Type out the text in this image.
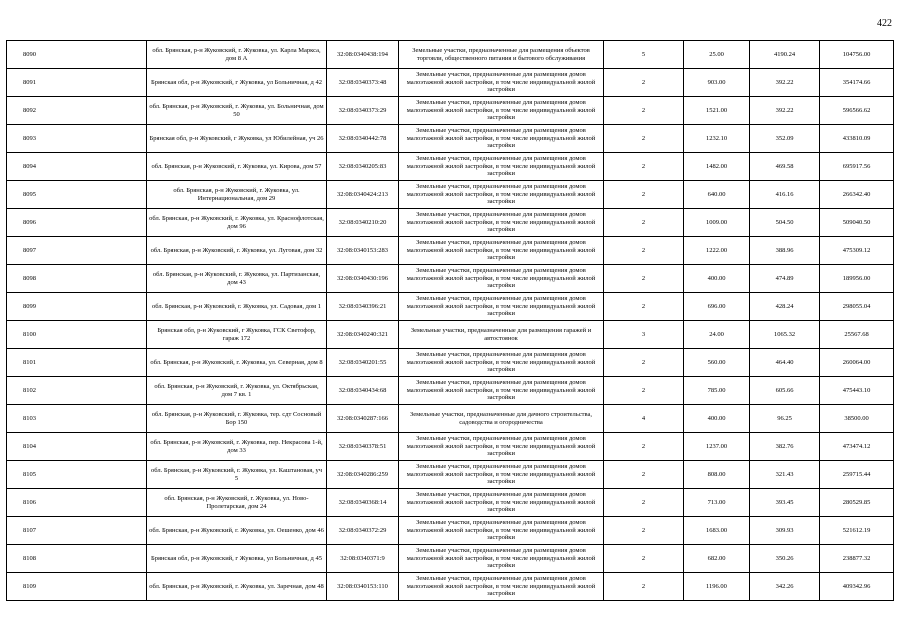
422
8090	обл. Брянская, р-н Жуковский, г. Жуковка, ул. Карла Маркса, дом 8 А	32:08:0340438:194	Земельные участки, предназначенные для размещения объектов торговли, общественного питания и бытового обслуживания	5	25.00	4190.24	104756.00
8091	Брянская обл, р-н Жуковский, г Жуковка, ул Больничная, д 42	32:08:0340373:48	Земельные участки, предназначенные для размещения домов малоэтажной жилой застройки, в том числе индивидуальной жилой застройки	2	903.00	392.22	354174.66
8092	обл. Брянская, р-н Жуковский, г. Жуковка, ул. Больничная, дом 50	32:08:0340373:29	Земельные участки, предназначенные для размещения домов малоэтажной жилой застройки, в том числе индивидуальной жилой застройки	2	1521.00	392.22	596566.62
8093	Брянская обл, р-н Жуковский, г Жуковка, ул Юбилейная, уч 26	32:08:0340442:78	Земельные участки, предназначенные для размещения домов малоэтажной жилой застройки, в том числе индивидуальной жилой застройки	2	1232.10	352.09	433810.09
8094	обл. Брянская, р-н Жуковский, г. Жуковка, ул. Кирова, дом 57	32:08:0340205:83	Земельные участки, предназначенные для размещения домов малоэтажной жилой застройки, в том числе индивидуальной жилой застройки	2	1482.00	469.58	695917.56
8095	обл. Брянская, р-н Жуковский, г. Жуковка, ул. Интернациональная, дом 29	32:08:0340424:213	Земельные участки, предназначенные для размещения домов малоэтажной жилой застройки, в том числе индивидуальной жилой застройки	2	640.00	416.16	266342.40
8096	обл. Брянская, р-н Жуковский, г. Жуковка, ул. Краснофлотская, дом 96	32:08:0340210:20	Земельные участки, предназначенные для размещения домов малоэтажной жилой застройки, в том числе индивидуальной жилой застройки	2	1009.00	504.50	509040.50
8097	обл. Брянская, р-н Жуковский, г. Жуковка, ул. Луговая, дом 32	32:08:0340153:283	Земельные участки, предназначенные для размещения домов малоэтажной жилой застройки, в том числе индивидуальной жилой застройки	2	1222.00	388.96	475309.12
8098	обл. Брянская, р-н Жуковский, г. Жуковка, ул. Партизанская, дом 43	32:08:0340430:196	Земельные участки, предназначенные для размещения домов малоэтажной жилой застройки, в том числе индивидуальной жилой застройки	2	400.00	474.89	189956.00
8099	обл. Брянская, р-н Жуковский, г. Жуковка, ул. Садовая, дом 1	32:08:0340396:21	Земельные участки, предназначенные для размещения домов малоэтажной жилой застройки, в том числе индивидуальной жилой застройки	2	696.00	428.24	298055.04
8100	Брянская обл, р-н Жуковский, г Жуковка, ГСК Светофор, гараж 172	32:08:0340240:321	Земельные участки, предназначенные для размещения гаражей и автостоянок	3	24.00	1065.32	25567.68
8101	обл. Брянская, р-н Жуковский, г. Жуковка, ул. Северная, дом 8	32:08:0340201:55	Земельные участки, предназначенные для размещения домов малоэтажной жилой застройки, в том числе индивидуальной жилой застройки	2	560.00	464.40	260064.00
8102	обл. Брянская, р-н Жуковский, г. Жуковка, ул. Октябрьская, дом 7 кв. 1	32:08:0340434:68	Земельные участки, предназначенные для размещения домов малоэтажной жилой застройки, в том числе индивидуальной жилой застройки	2	785.00	605.66	475443.10
8103	обл. Брянская, р-н Жуковский, г. Жуковка, тер. сдт Сосновый Бор 150	32:08:0340287:166	Земельные участки, предназначенные для дачного строительства, садоводства и огородничества	4	400.00	96.25	38500.00
8104	обл. Брянская, р-н Жуковский, г. Жуковка, пер. Некрасова 1-й, дом 33	32:08:0340378:51	Земельные участки, предназначенные для размещения домов малоэтажной жилой застройки, в том числе индивидуальной жилой застройки	2	1237.00	382.76	473474.12
8105	обл. Брянская, р-н Жуковский, г. Жуковка, ул. Каштановая, уч 5	32:08:0340286:259	Земельные участки, предназначенные для размещения домов малоэтажной жилой застройки, в том числе индивидуальной жилой застройки	2	808.00	321.43	259715.44
8106	обл. Брянская, р-н Жуковский, г. Жуковка, ул. Ново-Пролетарская, дом 24	32:08:0340368:14	Земельные участки, предназначенные для размещения домов малоэтажной жилой застройки, в том числе индивидуальной жилой застройки	2	713.00	393.45	280529.85
8107	обл. Брянская, р-н Жуковский, г. Жуковка, ул. Оешенко, дом 46	32:08:0340372:29	Земельные участки, предназначенные для размещения домов малоэтажной жилой застройки, в том числе индивидуальной жилой застройки	2	1683.00	309.93	521612.19
8108	Брянская обл, р-н Жуковский, г Жуковка, ул Больничная, д 45	32:08:0340371:9	Земельные участки, предназначенные для размещения домов малоэтажной жилой застройки, в том числе индивидуальной жилой застройки	2	682.00	350.26	238877.32
8109	обл. Брянская, р-н Жуковский, г. Жуковка, ул. Заречная, дом 48	32:08:0340153:110	Земельные участки, предназначенные для размещения домов малоэтажной жилой застройки, в том числе индивидуальной жилой застройки	2	1196.00	342.26	409342.96
